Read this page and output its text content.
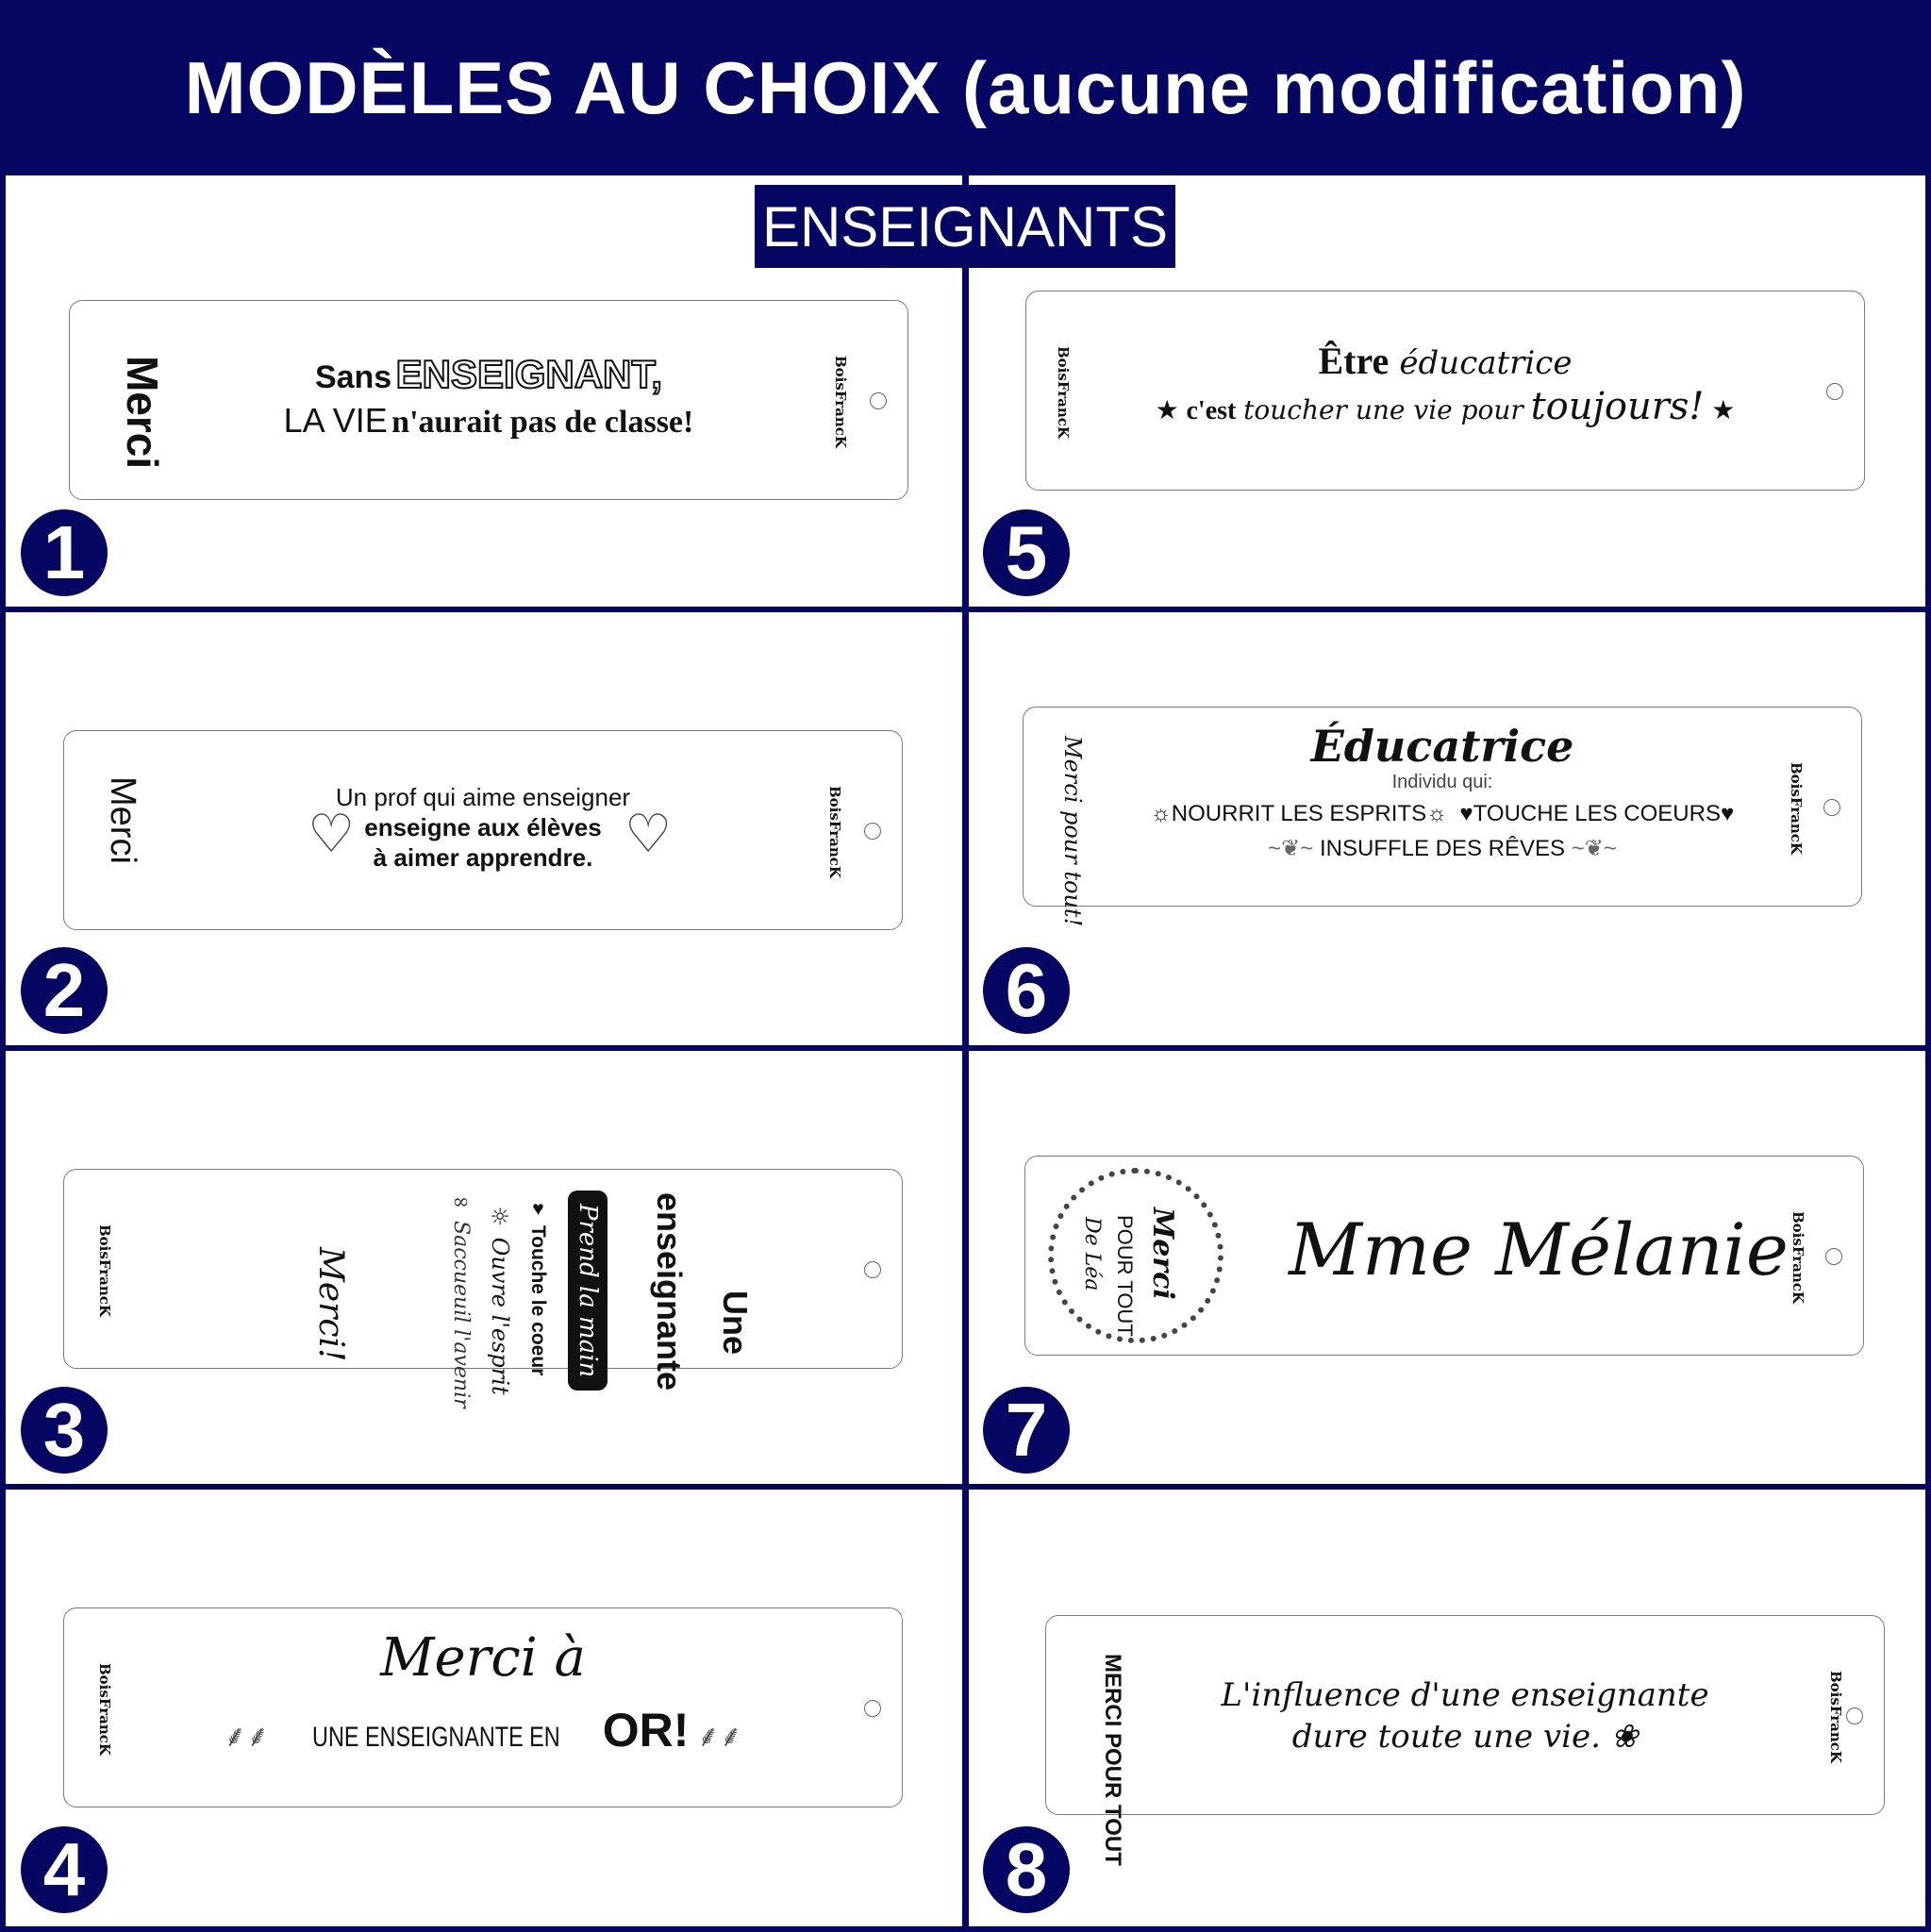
MODÈLES AU CHOIX (aucune modification)
ENSEIGNANTS
Merci	Sans ENSEIGNANT,
LA VIE n'aurait pas de classe!	BoisFrancK
1
Merci	♡
Un prof qui aime enseigner
enseigne aux élèves
à aimer apprendre. ♡	BoisFrancK
2
BoisFrancK	Merci!
∞ Saccueuil l'avenir
☼ Ouvre l'esprit
♥ Touche le coeur Prend la main enseignante Une
3
BoisFrancK
Merci à
⸙⸙ UNE ENSEIGNANTE EN OR! ⸙⸙
4
BoisFrancK	Être éducatrice
★ c'est toucher une vie pour toujours! ★
5
Merci pour tout!	Éducatrice
Individu qui:
☼NOURRIT LES ESPRITS☼ ♥TOUCHE LES COEURS♥
~❦~ INSUFFLE DES RÊVES ~❦~	BoisFrancK
6
Merci
POUR TOUT
De Léa	Mme Mélanie BoisFrancK
7
MERCI POUR TOUT	L'influence d'une enseignante
dure toute une vie. ❀	BoisFrancK
8
